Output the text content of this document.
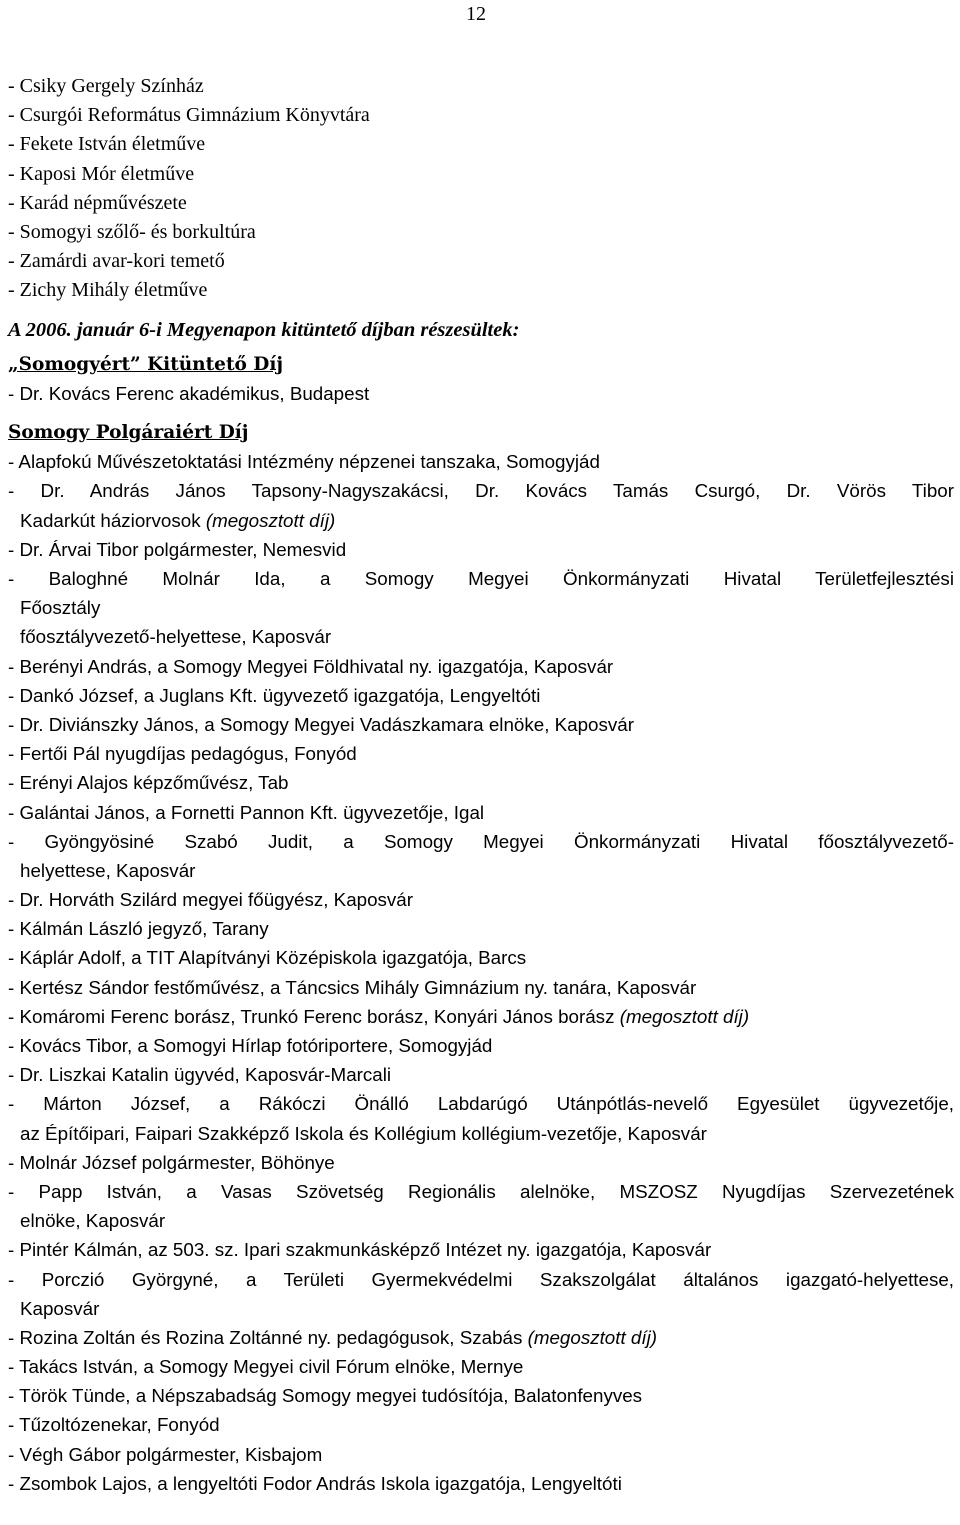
12
- Csiky Gergely Színház
- Csurgói Református Gimnázium Könyvtára
- Fekete István életműve
- Kaposi Mór életműve
- Karád népművészete
- Somogyi szőlő- és borkultúra
- Zamárdi avar-kori temető
- Zichy Mihály életműve
A 2006. január 6-i Megyenapon kitüntető díjban részesültek:
„Somogyért” Kitüntető Díj
- Dr. Kovács Ferenc akadémikus, Budapest
Somogy Polgáraiért Díj
- Alapfokú Művészetoktatási Intézmény népzenei tanszaka, Somogyjád
- Dr. András János Tapsony-Nagyszakácsi, Dr. Kovács Tamás Csurgó, Dr. Vörös Tibor
Kadarkút háziorvosok (megosztott díj)
- Dr. Árvai Tibor polgármester, Nemesvid
- Baloghné Molnár Ida, a Somogy Megyei Önkormányzati Hivatal Területfejlesztési
Főosztály
főosztályvezető-helyettese, Kaposvár
- Berényi András, a Somogy Megyei Földhivatal ny. igazgatója, Kaposvár
- Dankó József, a Juglans Kft. ügyvezető igazgatója, Lengyeltóti
- Dr. Diviánszky János, a Somogy Megyei Vadászkamara elnöke, Kaposvár
- Fertői Pál nyugdíjas pedagógus, Fonyód
- Erényi Alajos képzőművész, Tab
- Galántai János, a Fornetti Pannon Kft. ügyvezetője, Igal
- Gyöngyösiné Szabó Judit, a Somogy Megyei Önkormányzati Hivatal főosztályvezető-
helyettese, Kaposvár
- Dr. Horváth Szilárd megyei főügyész, Kaposvár
- Kálmán László jegyző, Tarany
- Káplár Adolf, a TIT Alapítványi Középiskola igazgatója, Barcs
- Kertész Sándor festőművész, a Táncsics Mihály Gimnázium ny. tanára, Kaposvár
- Komáromi Ferenc borász, Trunkó Ferenc borász, Konyári János borász (megosztott díj)
- Kovács Tibor, a Somogyi Hírlap fotóriportere, Somogyjád
- Dr. Liszkai Katalin ügyvéd, Kaposvár-Marcali
- Márton József, a Rákóczi Önálló Labdarúgó Utánpótlás-nevelő Egyesület ügyvezetője,
az Építőipari, Faipari Szakképző Iskola és Kollégium kollégium-vezetője, Kaposvár
- Molnár József polgármester, Böhönye
- Papp István, a Vasas Szövetség Regionális alelnöke, MSZOSZ Nyugdíjas Szervezetének
elnöke, Kaposvár
- Pintér Kálmán, az 503. sz. Ipari szakmunkásképző Intézet ny. igazgatója, Kaposvár
- Porczió Györgyné, a Területi Gyermekvédelmi Szakszolgálat általános igazgató-helyettese,
Kaposvár
- Rozina Zoltán és Rozina Zoltánné ny. pedagógusok, Szabás (megosztott díj)
- Takács István, a Somogy Megyei civil Fórum elnöke, Mernye
- Török Tünde, a Népszabadság Somogy megyei tudósítója, Balatonfenyves
- Tűzoltózenekar, Fonyód
- Végh Gábor polgármester, Kisbajom
- Zsombok Lajos, a lengyeltóti Fodor András Iskola igazgatója, Lengyeltóti
